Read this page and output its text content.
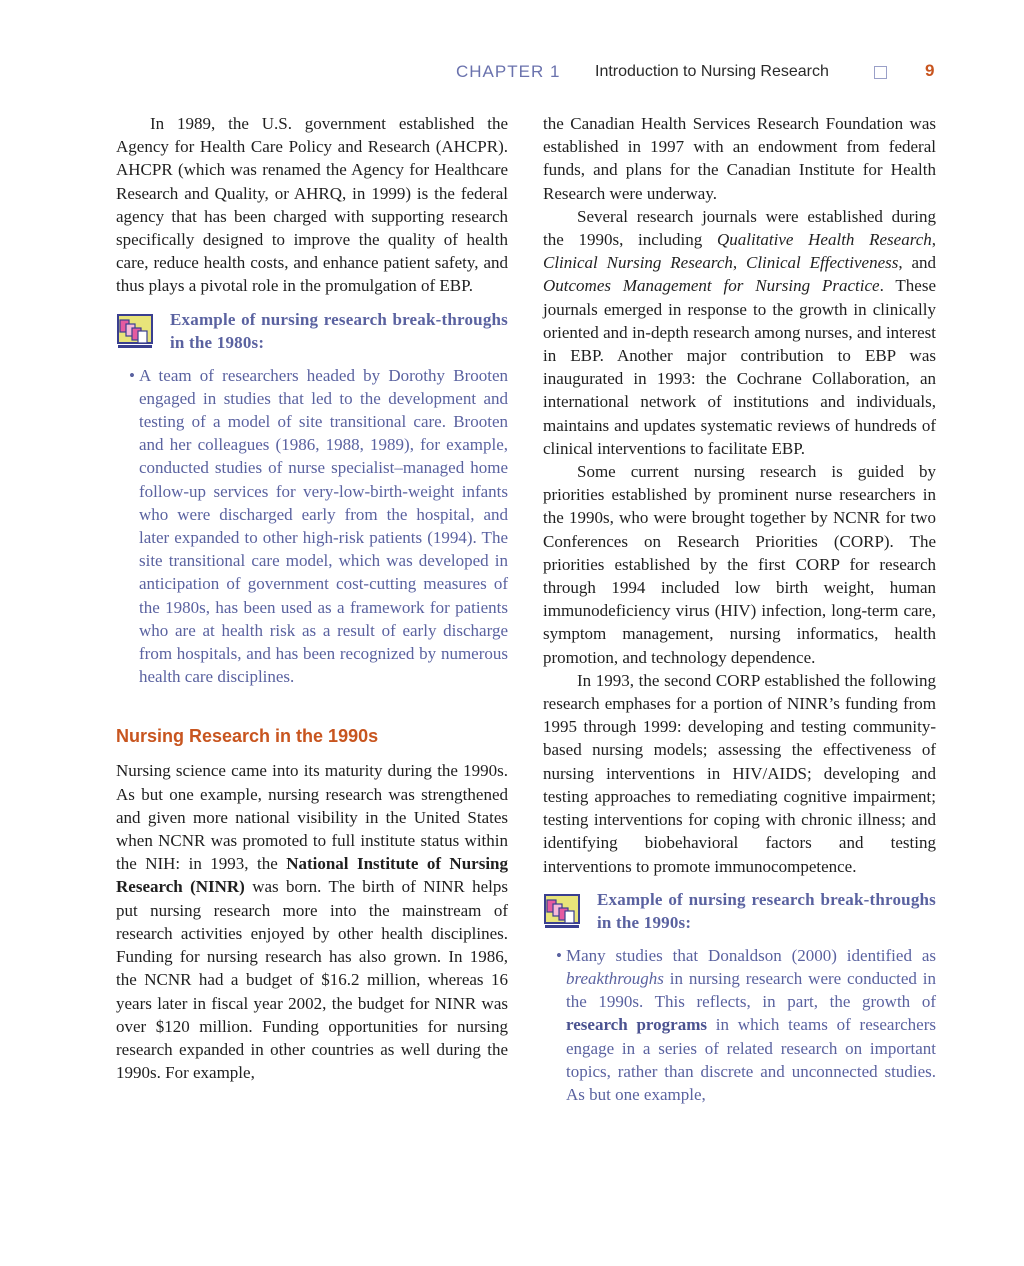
CHAPTER 1 Introduction to Nursing Research	9

In 1989, the U.S. government established the Agency for Health Care Policy and Research (AHCPR). AHCPR (which was renamed the Agency for Healthcare Research and Quality, or AHRQ, in 1999) is the federal agency that has been charged with supporting research specifically designed to improve the quality of health care, reduce health costs, and enhance patient safety, and thus plays a pivotal role in the promulgation of EBP.

Example of nursing research break-throughs in the 1980s:
• A team of researchers headed by Dorothy Brooten engaged in studies that led to the development and testing of a model of site transitional care. Brooten and her colleagues (1986, 1988, 1989), for example, conducted studies of nurse specialist–managed home follow-up services for very-low-birth-weight infants who were discharged early from the hospital, and later expanded to other high-risk patients (1994). The site transitional care model, which was developed in anticipation of government cost-cutting measures of the 1980s, has been used as a framework for patients who are at health risk as a result of early discharge from hospitals, and has been recognized by numerous health care disciplines.
Nursing Research in the 1990s

Nursing science came into its maturity during the 1990s. As but one example, nursing research was strengthened and given more national visibility in the United States when NCNR was promoted to full institute status within the NIH: in 1993, the National Institute of Nursing Research (NINR) was born. The birth of NINR helps put nursing research more into the mainstream of research activities enjoyed by other health disciplines. Funding for nursing research has also grown. In 1986, the NCNR had a budget of $16.2 million, whereas 16 years later in fiscal year 2002, the budget for NINR was over $120 million. Funding opportunities for nursing research expanded in other countries as well during the 1990s. For example,

the Canadian Health Services Research Foundation was established in 1997 with an endowment from federal funds, and plans for the Canadian Institute for Health Research were underway.

Several research journals were established during the 1990s, including Qualitative Health Research, Clinical Nursing Research, Clinical Effectiveness, and Outcomes Management for Nursing Practice. These journals emerged in response to the growth in clinically oriented and in-depth research among nurses, and interest in EBP. Another major contribution to EBP was inaugurated in 1993: the Cochrane Collaboration, an international network of institutions and individuals, maintains and updates systematic reviews of hundreds of clinical interventions to facilitate EBP.

Some current nursing research is guided by priorities established by prominent nurse researchers in the 1990s, who were brought together by NCNR for two Conferences on Research Priorities (CORP). The priorities established by the first CORP for research through 1994 included low birth weight, human immunodeficiency virus (HIV) infection, long-term care, symptom management, nursing informatics, health promotion, and technology dependence.

In 1993, the second CORP established the following research emphases for a portion of NINR’s funding from 1995 through 1999: developing and testing community-based nursing models; assessing the effectiveness of nursing interventions in HIV/AIDS; developing and testing approaches to remediating cognitive impairment; testing interventions for coping with chronic illness; and identifying biobehavioral factors and testing interventions to promote immunocompetence.

Example of nursing research break-throughs in the 1990s:
• Many studies that Donaldson (2000) identified as breakthroughs in nursing research were conducted in the 1990s. This reflects, in part, the growth of research programs in which teams of researchers engage in a series of related research on important topics, rather than discrete and unconnected studies. As but one example,
